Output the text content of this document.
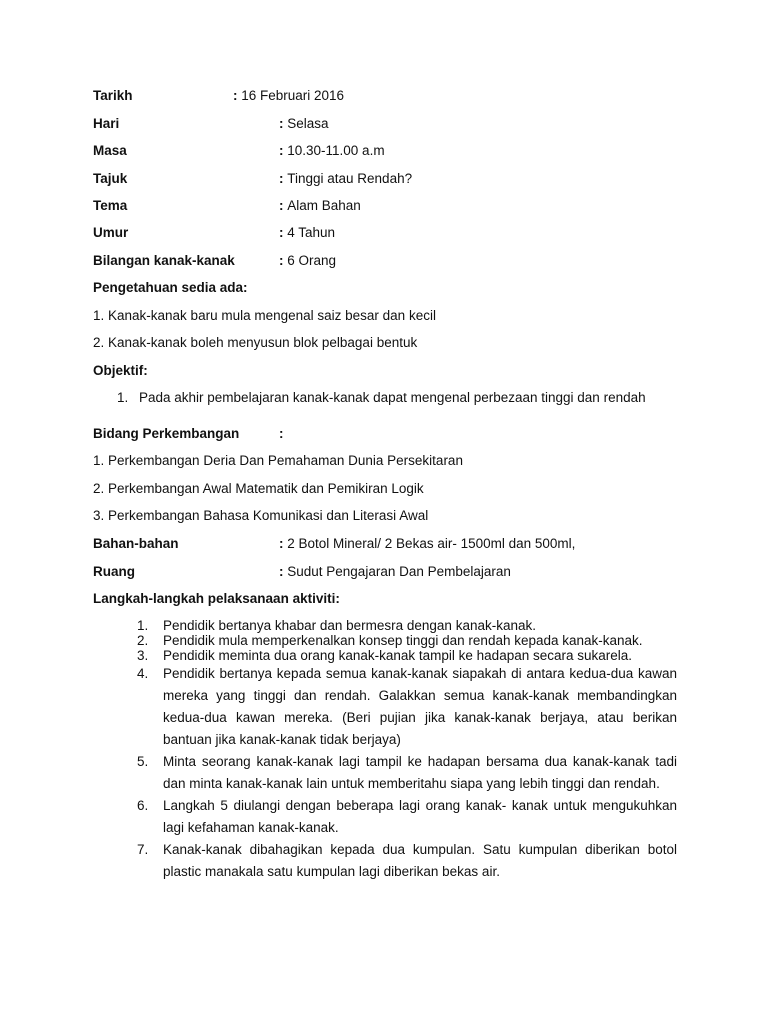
Tarikh	: 16 Februari 2016
Hari	: Selasa
Masa	: 10.30-11.00 a.m
Tajuk	: Tinggi atau Rendah?
Tema	: Alam Bahan
Umur	: 4 Tahun
Bilangan kanak-kanak	: 6 Orang
Pengetahuan sedia ada:
1. Kanak-kanak baru mula mengenal saiz besar dan kecil
2. Kanak-kanak boleh menyusun blok pelbagai bentuk
Objektif:
1. Pada akhir pembelajaran kanak-kanak dapat mengenal perbezaan tinggi dan rendah
Bidang Perkembangan	:
1. Perkembangan Deria Dan Pemahaman Dunia Persekitaran
2. Perkembangan Awal Matematik dan Pemikiran Logik
3. Perkembangan Bahasa Komunikasi dan Literasi Awal
Bahan-bahan	: 2 Botol Mineral/ 2 Bekas air- 1500ml dan 500ml,
Ruang	: Sudut Pengajaran Dan Pembelajaran
Langkah-langkah pelaksanaan aktiviti:
1. Pendidik bertanya khabar dan bermesra dengan kanak-kanak.
2. Pendidik mula memperkenalkan konsep tinggi dan rendah kepada kanak-kanak.
3. Pendidik meminta dua orang kanak-kanak tampil ke hadapan secara sukarela.
4. Pendidik bertanya kepada semua kanak-kanak siapakah di antara kedua-dua kawan mereka yang tinggi dan rendah. Galakkan semua kanak-kanak membandingkan kedua-dua kawan mereka. (Beri pujian jika kanak-kanak berjaya, atau berikan bantuan jika kanak-kanak tidak berjaya)
5. Minta seorang kanak-kanak lagi tampil ke hadapan bersama dua kanak-kanak tadi dan minta kanak-kanak lain untuk memberitahu siapa yang lebih tinggi dan rendah.
6. Langkah 5 diulangi dengan beberapa lagi orang kanak- kanak untuk mengukuhkan lagi kefahaman kanak-kanak.
7. Kanak-kanak dibahagikan kepada dua kumpulan. Satu kumpulan diberikan botol plastic manakala satu kumpulan lagi diberikan bekas air.
